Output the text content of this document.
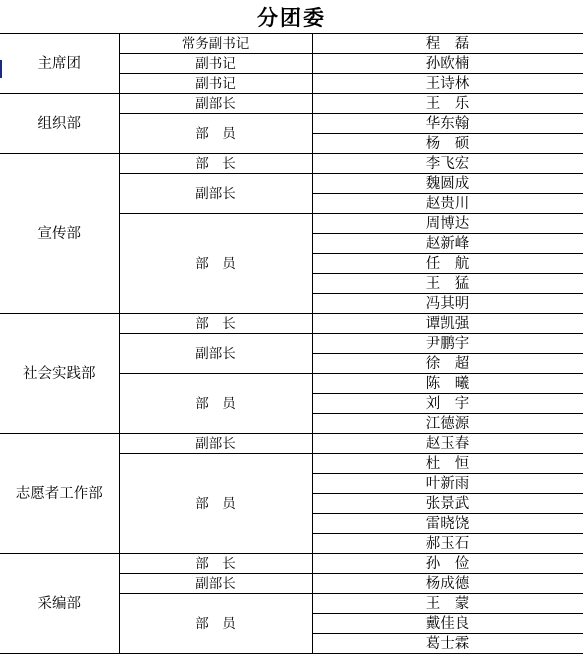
分团委
主席团	常务副书记	程　磊
	副书记	孙欧楠
	副书记	王诗林
组织部	副部长	王　乐
	部　员	华东翰
		杨　硕
宣传部	部　长	李飞宏
	副部长	魏圆成
		赵贵川
	部　员	周博达
		赵新峰
		任　航
		王　猛
		冯其明
社会实践部	部　长	谭凯强
	副部长	尹鹏宇
		徐　超
	部　员	陈　曦
		刘　宇
		江德源
志愿者工作部	副部长	赵玉春
	部　员	杜　恒
		叶新雨
		张景武
		雷晓饶
		郝玉石
采编部	部　长	孙　俭
	副部长	杨成德
	部　员	王　蒙
		戴佳良
		葛士霖
